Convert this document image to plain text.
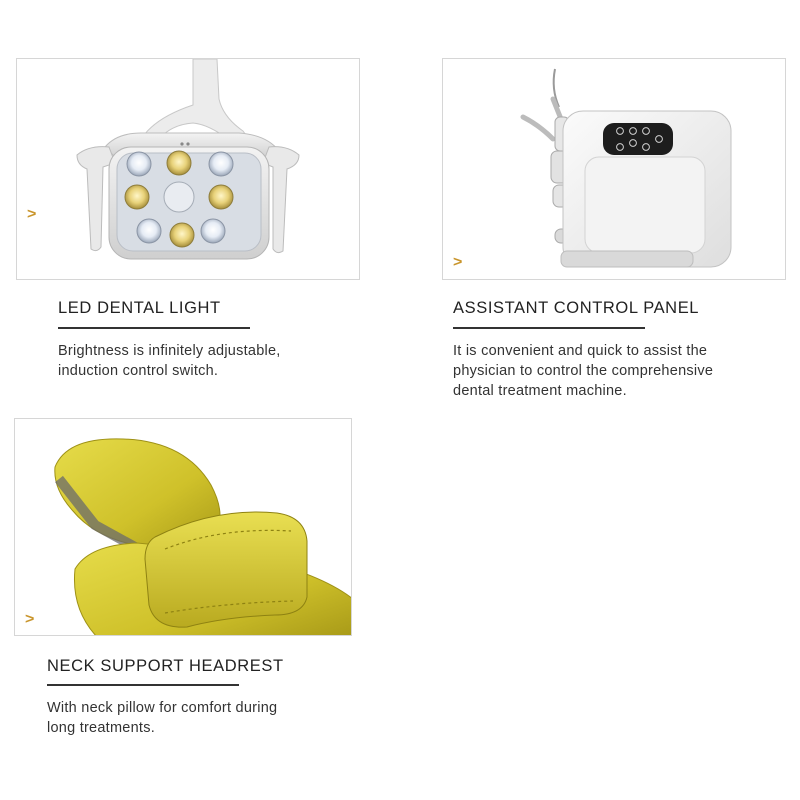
>
LED DENTAL LIGHT

Brightness is infinitely adjustable,
induction control switch.

>
ASSISTANT CONTROL PANEL

It is convenient and quick to assist the
physician to control the comprehensive
dental treatment machine.

>
NECK SUPPORT HEADREST

With neck pillow for comfort during
long treatments.
